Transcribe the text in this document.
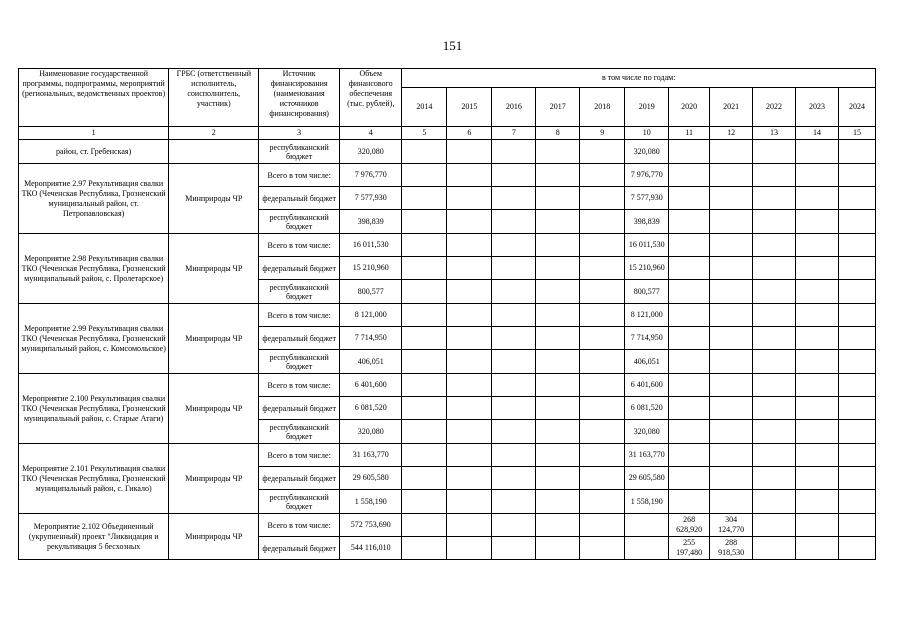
151
Наименование государственной программы, подпрограммы, мероприятий (региональных, ведомственных проектов)	ГРБС (ответственный исполнитель, соисполнитель, участник)	Источник финансирования (наименования источников финансирования)	Объем финансового обеспечения (тыс. рублей),	в том числе по годам:										
				2014	2015	2016	2017	2018	2019	2020	2021	2022	2023	2024
1	2	3	4	5	6	7	8	9	10	11	12	13	14	15
район, ст. Гребенская)		республиканский бюджет	320,080						320,080					
Мероприятие 2.97 Рекультивация свалки ТКО (Чеченская Республика, Грозненский муниципальный район, ст. Петропавловская)	Минприроды ЧР	Всего в том числе:	7 976,770						7 976,770					
		федеральный бюджет	7 577,930						7 577,930					
		республиканский бюджет	398,839						398,839					
Мероприятие 2.98 Рекультивация свалки ТКО (Чеченская Республика, Грозненский муниципальный район, с. Пролетарское)	Минприроды ЧР	Всего в том числе:	16 011,530						16 011,530					
		федеральный бюджет	15 210,960						15 210,960					
		республиканский бюджет	800,577						800,577					
Мероприятие 2.99 Рекультивация свалки ТКО (Чеченская Республика, Грозненский муниципальный район, с. Комсомольское)	Минприроды ЧР	Всего в том числе:	8 121,000						8 121,000					
		федеральный бюджет	7 714,950						7 714,950					
		республиканский бюджет	406,051						406,051					
Мероприятие 2.100 Рекультивация свалки ТКО (Чеченская Республика, Грозненский муниципальный район, с. Старые Атаги)	Минприроды ЧР	Всего в том числе:	6 401,600						6 401,600					
		федеральный бюджет	6 081,520						6 081,520					
		республиканский бюджет	320,080						320,080					
Мероприятие 2.101 Рекультивация свалки ТКО (Чеченская Республика, Грозненский муниципальный район, с. Гикало)	Минприроды ЧР	Всего в том числе:	31 163,770						31 163,770					
		федеральный бюджет	29 605,580						29 605,580					
		республиканский бюджет	1 558,190						1 558,190					
Мероприятие 2.102 Объединенный (укрупненный) проект "Ликвидация и рекультивация 5 бесхозных	Минприроды ЧР	Всего в том числе:	572 753,690							268 628,920	304 124,770			
		федеральный бюджет	544 116,010							255 197,480	288 918,530			
